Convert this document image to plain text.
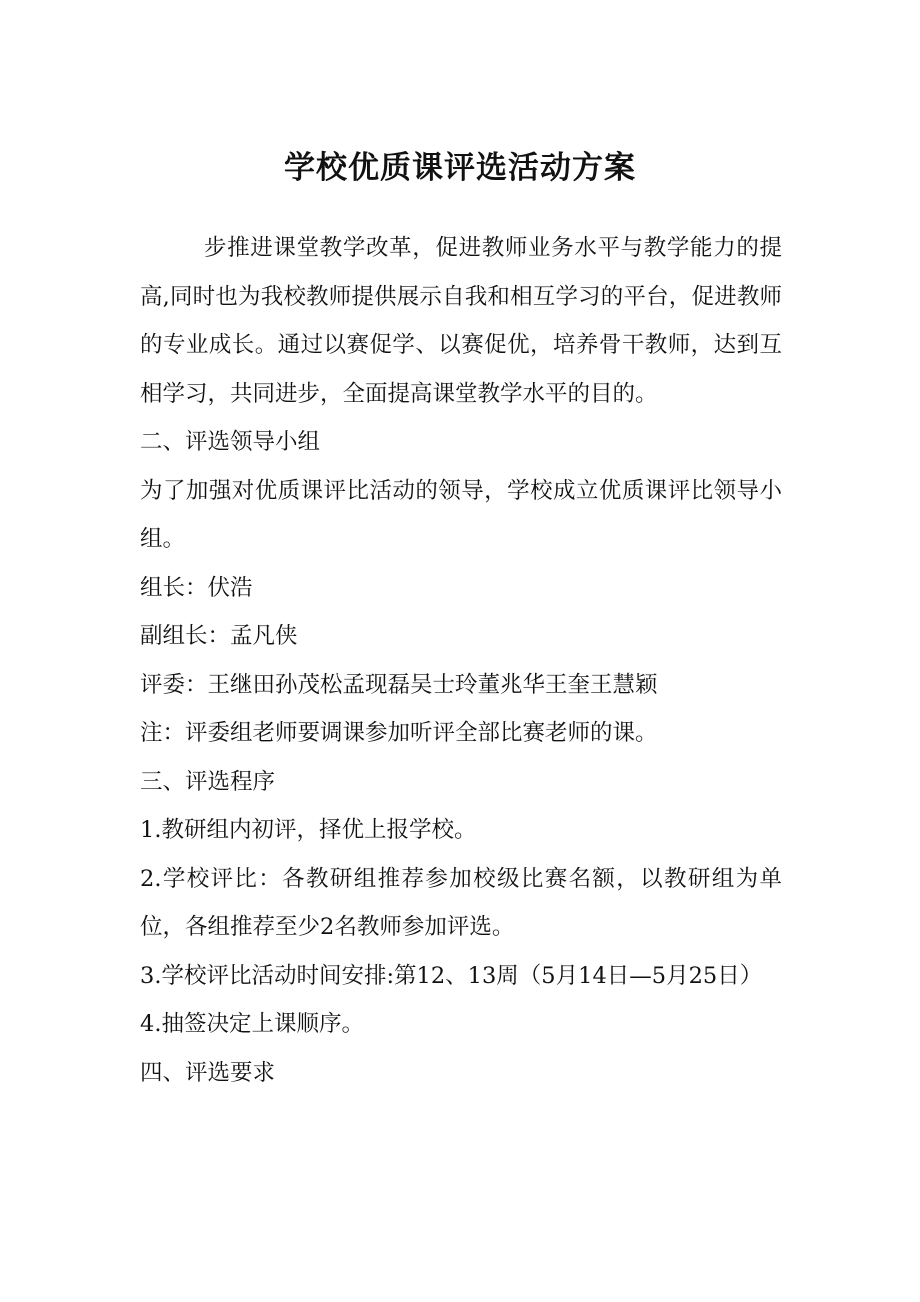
学校优质课评选活动方案

步推进课堂教学改革，促进教师业务水平与教学能力的提高,同时也为我校教师提供展示自我和相互学习的平台，促进教师的专业成长。通过以赛促学、以赛促优，培养骨干教师，达到互相学习，共同进步，全面提高课堂教学水平的目的。

二、评选领导小组

为了加强对优质课评比活动的领导，学校成立优质课评比领导小组。

组长：伏浩

副组长：孟凡侠

评委：王继田孙茂松孟现磊吴士玲董兆华王奎王慧颖

注：评委组老师要调课参加听评全部比赛老师的课。

三、评选程序

1.教研组内初评，择优上报学校。

2.学校评比：各教研组推荐参加校级比赛名额，以教研组为单位，各组推荐至少2名教师参加评选。

3.学校评比活动时间安排:第12、13周（5月14日—5月25日）

4.抽签决定上课顺序。

四、评选要求
